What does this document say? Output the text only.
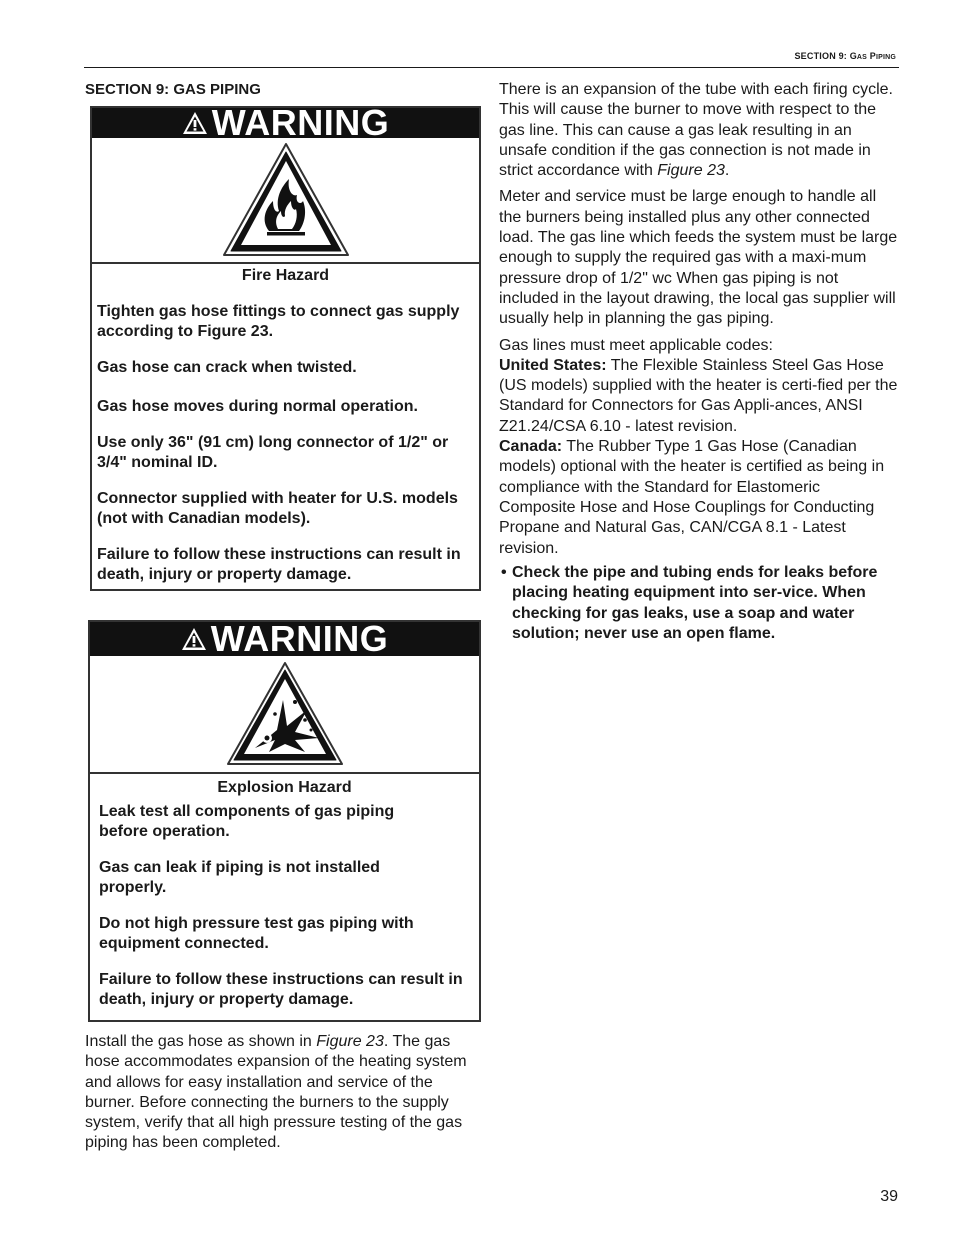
SECTION 9: GAS PIPING
SECTION 9: GAS PIPING
WARNING
Fire Hazard

Tighten gas hose fittings to connect gas supply according to Figure 23.

Gas hose can crack when twisted.

Gas hose moves during normal operation.

Use only 36" (91 cm) long connector of 1/2" or 3/4" nominal ID.

Connector supplied with heater for U.S. models (not with Canadian models).

Failure to follow these instructions can result in death, injury or property damage.

WARNING
Explosion Hazard

Leak test all components of gas piping before operation.

Gas can leak if piping is not installed properly.

Do not high pressure test gas piping with equipment connected.

Failure to follow these instructions can result in death, injury or property damage.

Install the gas hose as shown in Figure 23. The gas hose accommodates expansion of the heating system and allows for easy installation and service of the burner. Before connecting the burners to the supply system, verify that all high pressure testing of the gas piping has been completed.

There is an expansion of the tube with each firing cycle. This will cause the burner to move with respect to the gas line. This can cause a gas leak resulting in an unsafe condition if the gas connection is not made in strict accordance with Figure 23.

Meter and service must be large enough to handle all the burners being installed plus any other connected load. The gas line which feeds the system must be large enough to supply the required gas with a maxi-mum pressure drop of 1/2" wc When gas piping is not included in the layout drawing, the local gas supplier will usually help in planning the gas piping.

Gas lines must meet applicable codes:
United States: The Flexible Stainless Steel Gas Hose (US models) supplied with the heater is certi-fied per the Standard for Connectors for Gas Appli-ances, ANSI Z21.24/CSA 6.10 - latest revision.
Canada: The Rubber Type 1 Gas Hose (Canadian models) optional with the heater is certified as being in compliance with the Standard for Elastomeric Composite Hose and Hose Couplings for Conducting Propane and Natural Gas, CAN/CGA 8.1 - Latest revision.

• Check the pipe and tubing ends for leaks before placing heating equipment into ser-vice. When checking for gas leaks, use a soap and water solution; never use an open flame.
39
